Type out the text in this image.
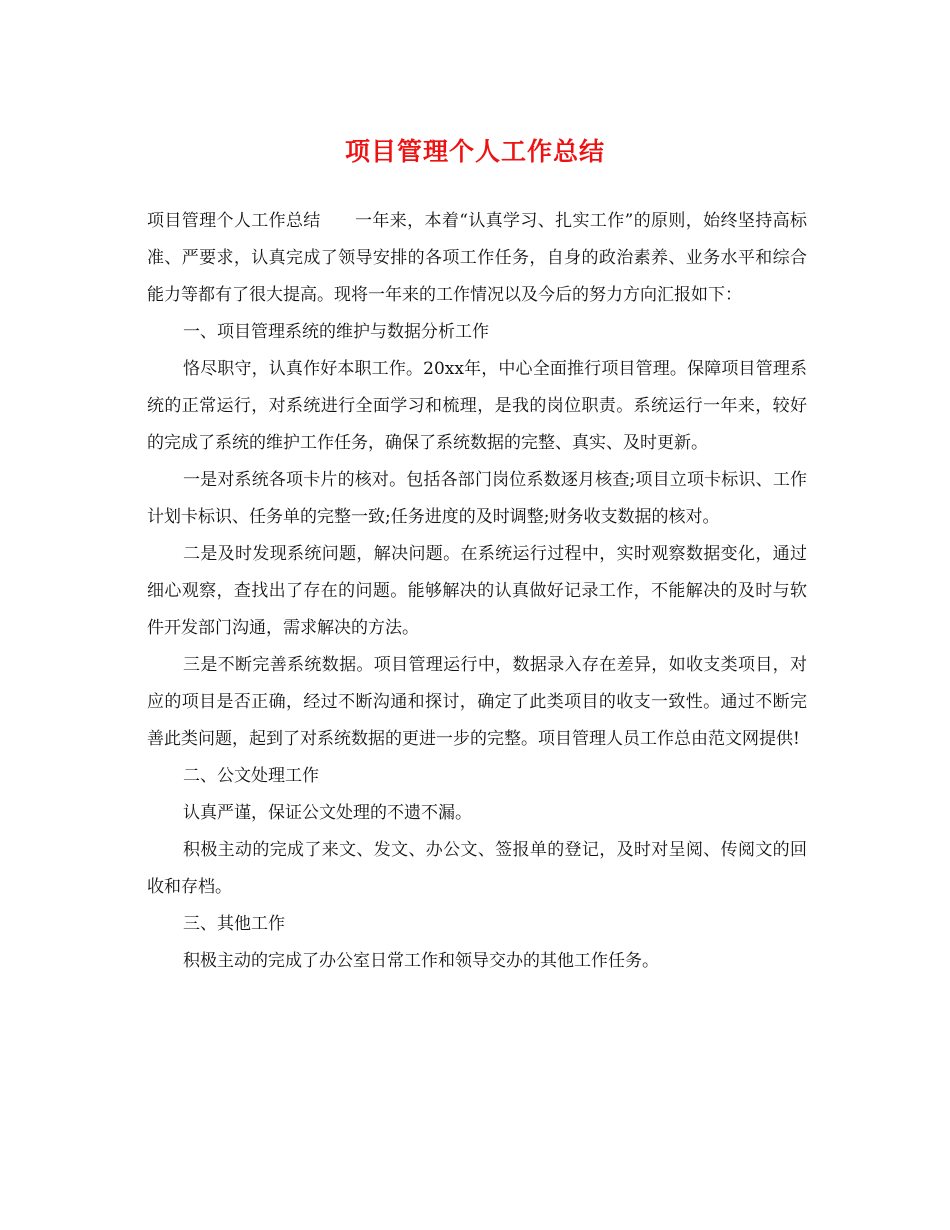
项目管理个人工作总结

项目管理个人工作总结 一年来，本着“认真学习、扎实工作”的原则，始终坚持高标准、严要求，认真完成了领导安排的各项工作任务，自身的政治素养、业务水平和综合能力等都有了很大提高。现将一年来的工作情况以及今后的努力方向汇报如下：

一、项目管理系统的维护与数据分析工作

恪尽职守，认真作好本职工作。20xx年，中心全面推行项目管理。保障项目管理系统的正常运行，对系统进行全面学习和梳理，是我的岗位职责。系统运行一年来，较好的完成了系统的维护工作任务，确保了系统数据的完整、真实、及时更新。

一是对系统各项卡片的核对。包括各部门岗位系数逐月核查;项目立项卡标识、工作计划卡标识、任务单的完整一致;任务进度的及时调整;财务收支数据的核对。

二是及时发现系统问题，解决问题。在系统运行过程中，实时观察数据变化，通过细心观察，查找出了存在的问题。能够解决的认真做好记录工作，不能解决的及时与软件开发部门沟通，需求解决的方法。

三是不断完善系统数据。项目管理运行中，数据录入存在差异，如收支类项目，对应的项目是否正确，经过不断沟通和探讨，确定了此类项目的收支一致性。通过不断完善此类问题，起到了对系统数据的更进一步的完整。项目管理人员工作总由范文网提供!

二、公文处理工作

认真严谨，保证公文处理的不遗不漏。

积极主动的完成了来文、发文、办公文、签报单的登记，及时对呈阅、传阅文的回收和存档。

三、其他工作

积极主动的完成了办公室日常工作和领导交办的其他工作任务。
